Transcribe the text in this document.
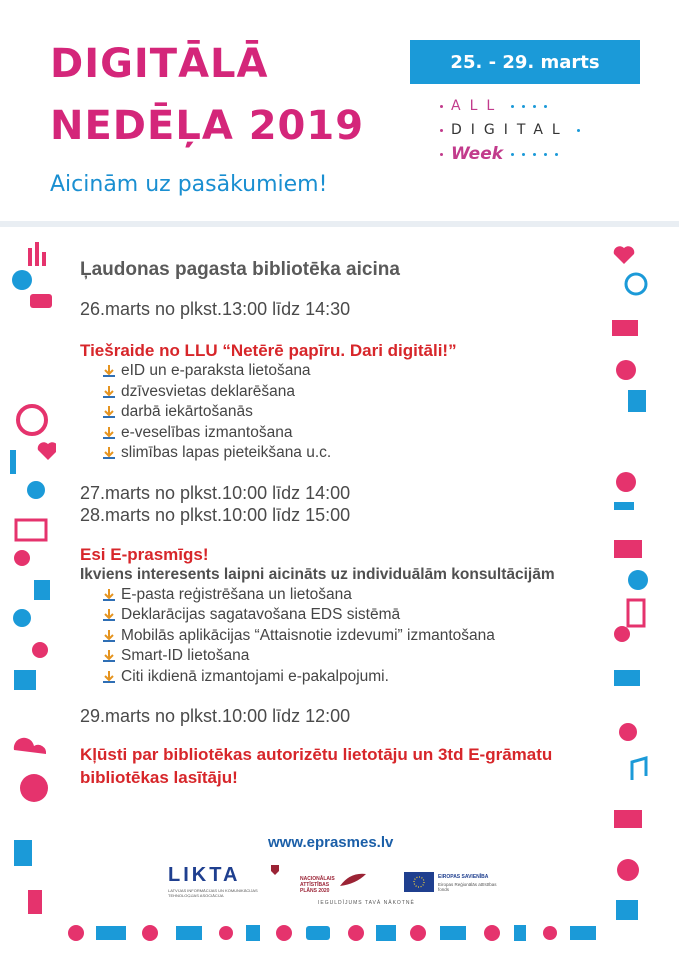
DIGITĀLĀ
NEDĒĻA 2019
Aicinām uz pasākumiem!
25. - 29. marts
ALL
DIGITAL
Week
Ļaudonas pagasta bibliotēka aicina
26.marts no plkst.13:00 līdz 14:30
Tiešraide no LLU “Netērē papīru. Dari digitāli!”
eID un e-paraksta lietošana
dzīvesvietas deklarēšana
darbā iekārtošanās
e-veselības izmantošana
slimības lapas pieteikšana u.c.
27.marts no plkst.10:00 līdz 14:00
28.marts no plkst.10:00 līdz 15:00
Esi E-prasmīgs!
Ikviens interesents laipni aicināts uz individuālām konsultācijām
E-pasta reģistrēšana un lietošana
Deklarācijas sagatavošana EDS sistēmā
Mobilās aplikācijas “Attaisnotie izdevumi” izmantošana
Smart-ID lietošana
Citi ikdienā izmantojami e-pakalpojumi.
29.marts no plkst.10:00 līdz 12:00
Kļūsti par bibliotēkas autorizētu lietotāju un 3td E-grāmatu bibliotēkas lasītāju!
www.eprasmes.lv
LIKTA
LATVIJAS INFORMĀCIJAS UN KOMUNIKĀCIJAS TEHNOLOĢIJAS ASOCIĀCIJA
NACIONĀLAIS ATTĪSTĪBAS PLĀNS 2020
EIROPAS SAVIENĪBA
Eiropas Reģionālās attīstības fonds
IEGULDĪJUMS TAVĀ NĀKOTNĒ
